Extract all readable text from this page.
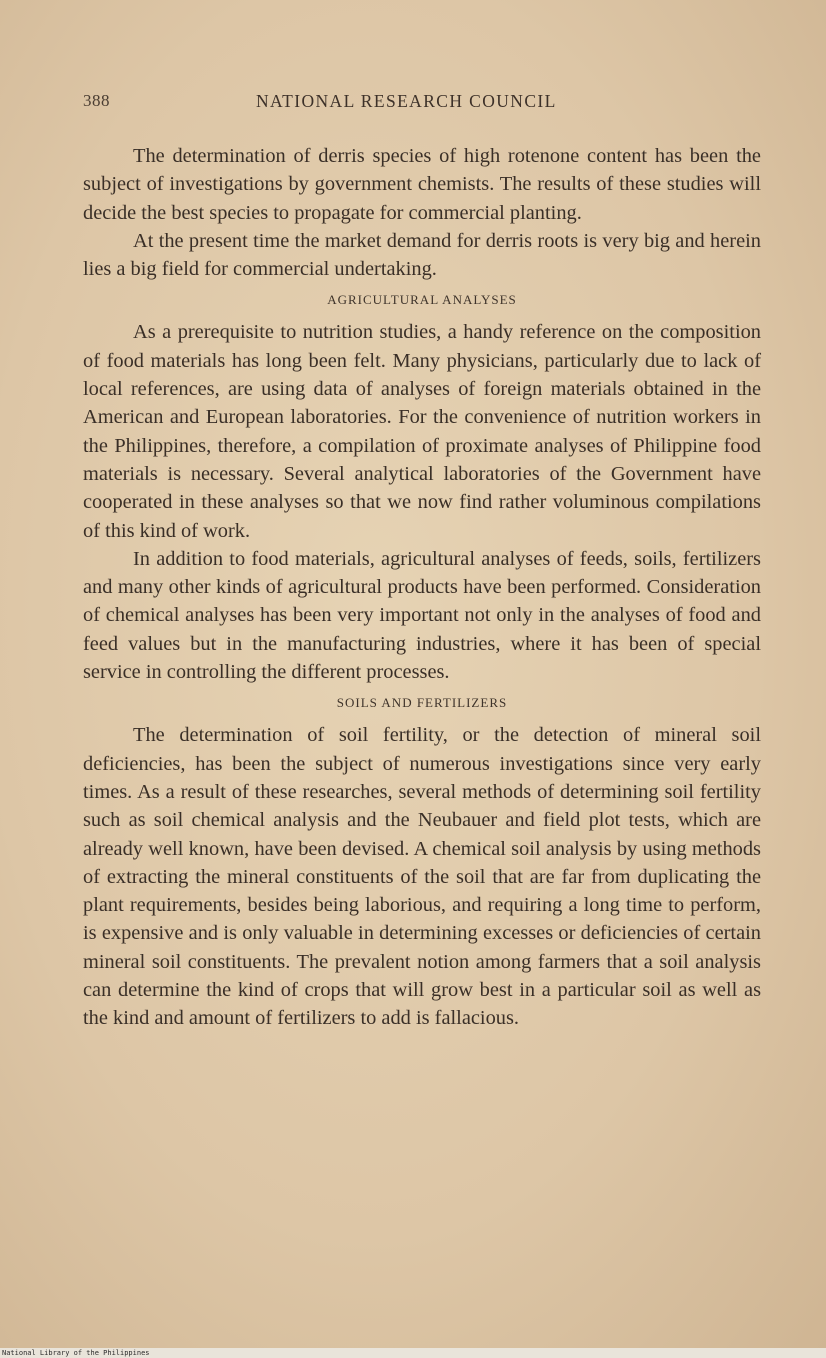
388	NATIONAL RESEARCH COUNCIL

The determination of derris species of high rotenone content has been the subject of investigations by government chemists. The results of these studies will decide the best species to propagate for commercial planting.

At the present time the market demand for derris roots is very big and herein lies a big field for commercial undertaking.

AGRICULTURAL ANALYSES

As a prerequisite to nutrition studies, a handy reference on the composition of food materials has long been felt. Many physicians, particularly due to lack of local references, are using data of analyses of foreign materials obtained in the American and European laboratories. For the convenience of nutrition workers in the Philippines, therefore, a compilation of proximate analyses of Philippine food materials is necessary. Several analytical laboratories of the Government have cooperated in these analyses so that we now find rather voluminous compilations of this kind of work.

In addition to food materials, agricultural analyses of feeds, soils, fertilizers and many other kinds of agricultural products have been performed. Consideration of chemical analyses has been very important not only in the analyses of food and feed values but in the manufacturing industries, where it has been of special service in controlling the different processes.

SOILS AND FERTILIZERS

The determination of soil fertility, or the detection of mineral soil deficiencies, has been the subject of numerous investigations since very early times. As a result of these researches, several methods of determining soil fertility such as soil chemical analysis and the Neubauer and field plot tests, which are already well known, have been devised. A chemical soil analysis by using methods of extracting the mineral constituents of the soil that are far from duplicating the plant requirements, besides being laborious, and requiring a long time to perform, is expensive and is only valuable in determining excesses or deficiencies of certain mineral soil constituents. The prevalent notion among farmers that a soil analysis can determine the kind of crops that will grow best in a particular soil as well as the kind and amount of fertilizers to add is fallacious.

National Library of the Philippines
